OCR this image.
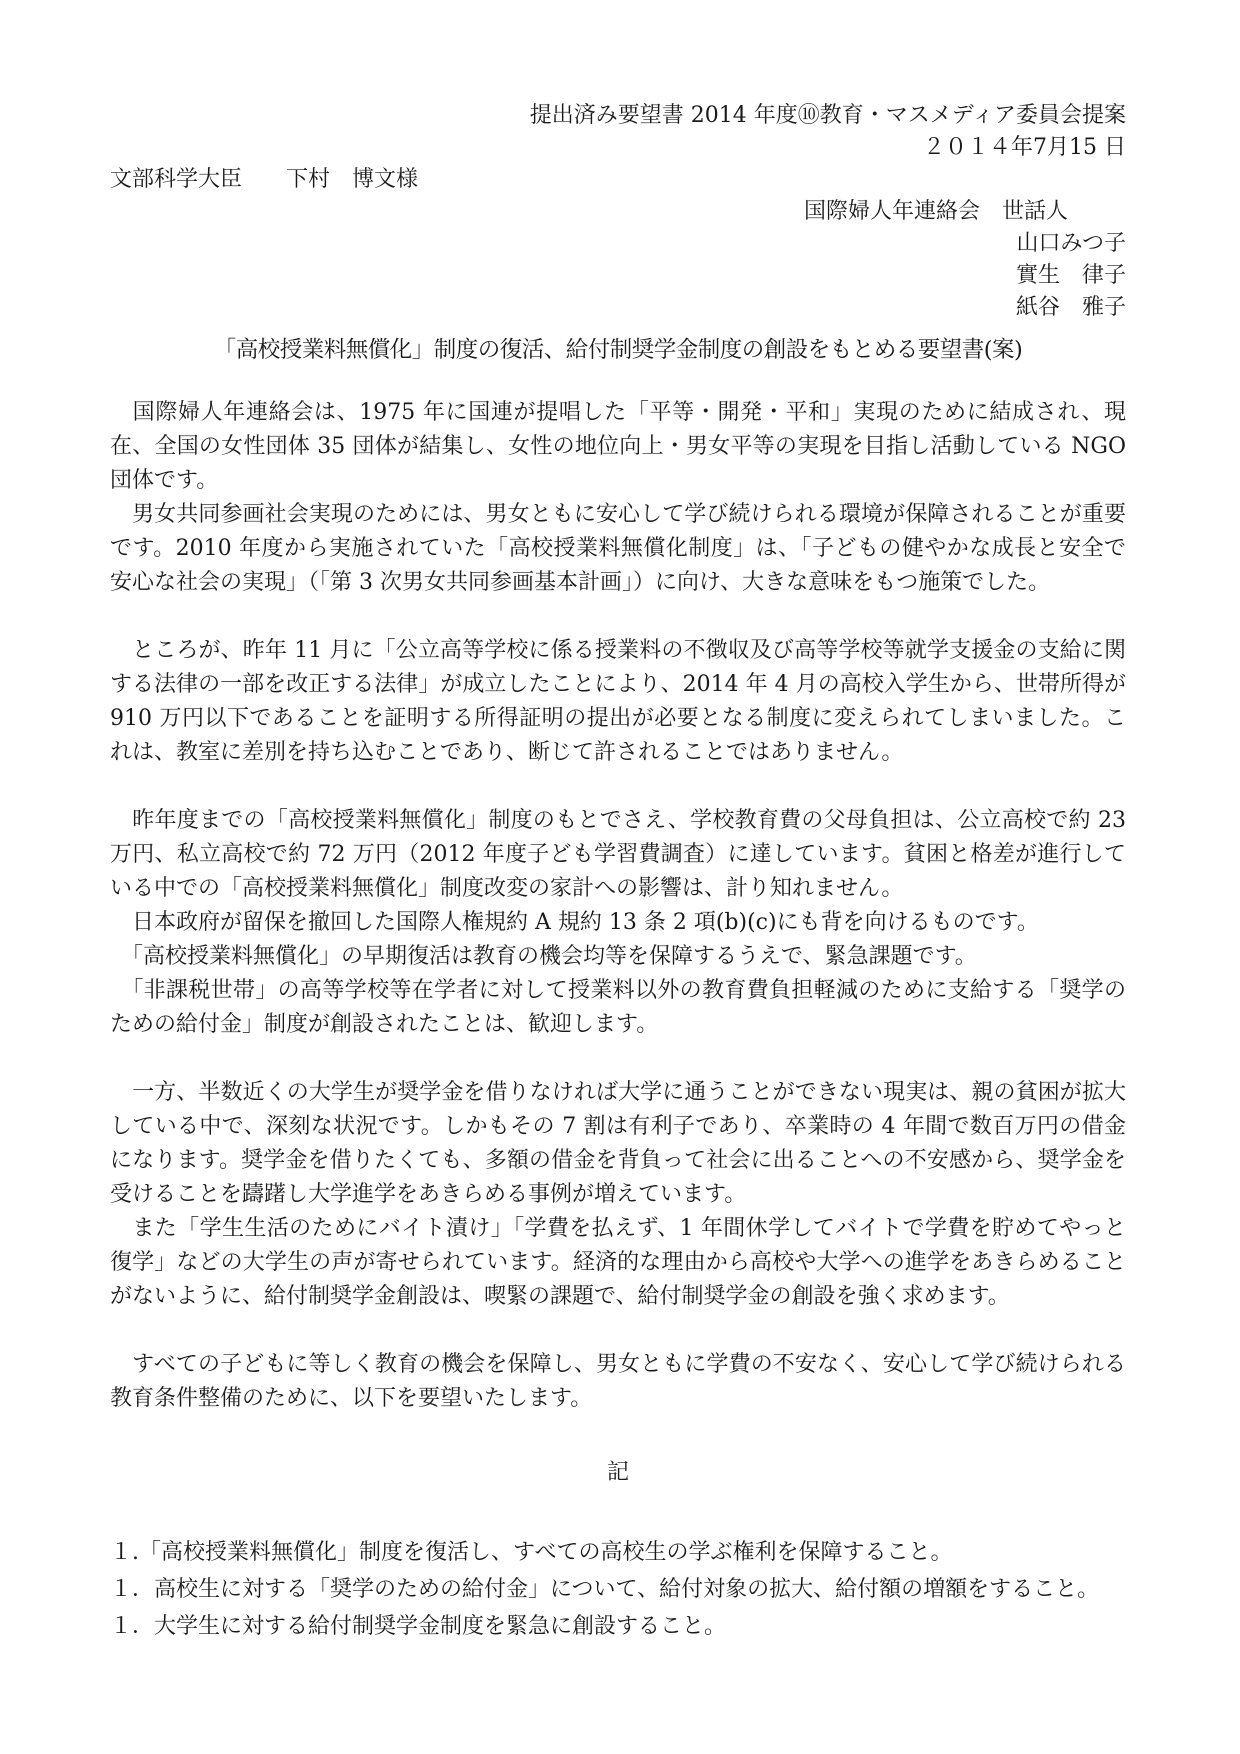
提出済み要望書 2014 年度⑩教育・マスメディア委員会提案
２０１４年7月15 日
文部科学大臣　　下村　博文様
国際婦人年連絡会　世話人
山口みつ子
實生　律子
紙谷　雅子
「高校授業料無償化」制度の復活、給付制奨学金制度の創設をもとめる要望書(案)

　国際婦人年連絡会は、1975 年に国連が提唱した「平等・開発・平和」実現のために結成され、現在、全国の女性団体 35 団体が結集し、女性の地位向上・男女平等の実現を目指し活動している NGO 団体です。

　男女共同参画社会実現のためには、男女ともに安心して学び続けられる環境が保障されることが重要です。2010 年度から実施されていた「高校授業料無償化制度」は、「子どもの健やかな成長と安全で安心な社会の実現」（「第 3 次男女共同参画基本計画」）に向け、大きな意味をもつ施策でした。

　ところが、昨年 11 月に「公立高等学校に係る授業料の不徴収及び高等学校等就学支援金の支給に関する法律の一部を改正する法律」が成立したことにより、2014 年 4 月の高校入学生から、世帯所得が 910 万円以下であることを証明する所得証明の提出が必要となる制度に変えられてしまいました。これは、教室に差別を持ち込むことであり、断じて許されることではありません。

　昨年度までの「高校授業料無償化」制度のもとでさえ、学校教育費の父母負担は、公立高校で約 23 万円、私立高校で約 72 万円（2012 年度子ども学習費調査）に達しています。貧困と格差が進行している中での「高校授業料無償化」制度改変の家計への影響は、計り知れません。

　日本政府が留保を撤回した国際人権規約 A 規約 13 条 2 項(b)(c)にも背を向けるものです。

　「高校授業料無償化」の早期復活は教育の機会均等を保障するうえで、緊急課題です。

　「非課税世帯」の高等学校等在学者に対して授業料以外の教育費負担軽減のために支給する「奨学のための給付金」制度が創設されたことは、歓迎します。

　一方、半数近くの大学生が奨学金を借りなければ大学に通うことができない現実は、親の貧困が拡大している中で、深刻な状況です。しかもその 7 割は有利子であり、卒業時の 4 年間で数百万円の借金になります。奨学金を借りたくても、多額の借金を背負って社会に出ることへの不安感から、奨学金を受けることを躊躇し大学進学をあきらめる事例が増えています。

　また「学生生活のためにバイト漬け」「学費を払えず、1 年間休学してバイトで学費を貯めてやっと復学」などの大学生の声が寄せられています。経済的な理由から高校や大学への進学をあきらめることがないように、給付制奨学金創設は、喫緊の課題で、給付制奨学金の創設を強く求めます。

　すべての子どもに等しく教育の機会を保障し、男女ともに学費の不安なく、安心して学び続けられる教育条件整備のために、以下を要望いたします。

記

１.「高校授業料無償化」制度を復活し、すべての高校生の学ぶ権利を保障すること。

１．高校生に対する「奨学のための給付金」について、給付対象の拡大、給付額の増額をすること。

１．大学生に対する給付制奨学金制度を緊急に創設すること。
